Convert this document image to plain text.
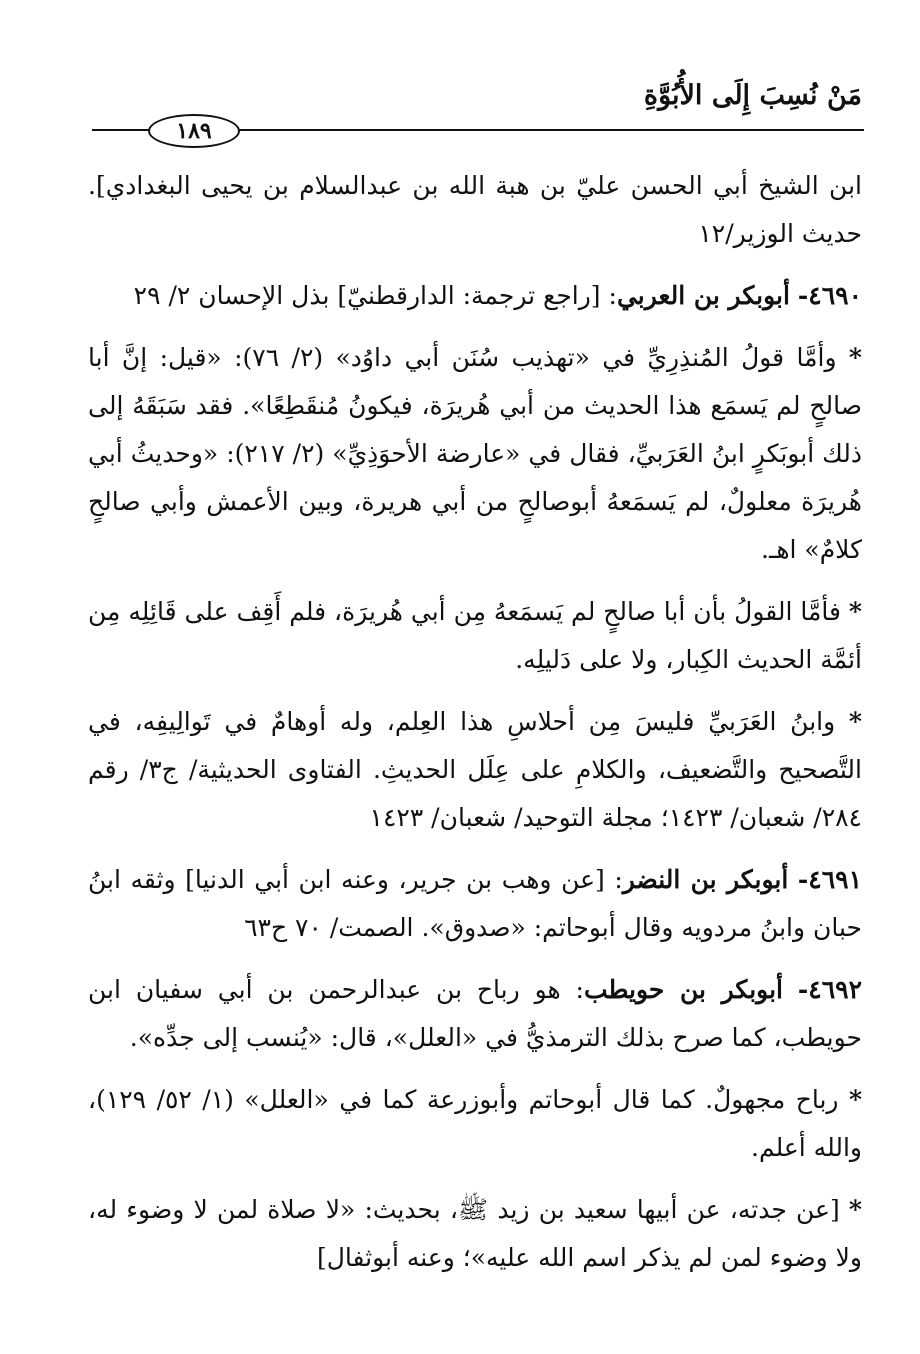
مَنْ نُسِبَ إِلَى الأُبُوَّةِ
١٨٩

ابن الشيخ أبي الحسن عليّ بن هبة الله بن عبدالسلام بن يحيى البغدادي]. حديث الوزير/١٢

٤٦٩٠- أبوبكر بن العربي: [راجع ترجمة: الدارقطنيّ] بذل الإحسان ٢/ ٢٩

* وأمَّا قولُ المُنذِرِيِّ في «تهذيب سُنَن أبي داوُد» (٢/ ٧٦): «قيل: إنَّ أبا صالحٍ لم يَسمَع هذا الحديث من أبي هُريرَة، فيكونُ مُنقَطِعًا». فقد سَبَقَهُ إلى ذلك أبوبَكرٍ ابنُ العَرَبيِّ، فقال في «عارضة الأحوَذِيِّ» (٢/ ٢١٧): «وحديثُ أبي هُريرَة معلولٌ، لم يَسمَعهُ أبوصالحٍ من أبي هريرة، وبين الأعمش وأبي صالحٍ كلامٌ» اهـ.

* فأمَّا القولُ بأن أبا صالحٍ لم يَسمَعهُ مِن أبي هُريرَة، فلم أَقِف على قَائِلِه مِن أئمَّة الحديث الكِبار، ولا على دَليلِه.

* وابنُ العَرَبيِّ فليسَ مِن أحلاسِ هذا العِلم، وله أوهامٌ في تَوالِيفِه، في التَّصحيح والتَّضعيف، والكلامِ على عِلَل الحديثِ. الفتاوى الحديثية/ ج٣/ رقم ٢٨٤/ شعبان/ ١٤٢٣؛ مجلة التوحيد/ شعبان/ ١٤٢٣

٤٦٩١- أبوبكر بن النضر: [عن وهب بن جرير، وعنه ابن أبي الدنيا] وثقه ابنُ حبان وابنُ مردويه وقال أبوحاتم: «صدوق». الصمت/ ٧٠ ح٦٣

٤٦٩٢- أبوبكر بن حويطب: هو رباح بن عبدالرحمن بن أبي سفيان ابن حويطب، كما صرح بذلك الترمذيُّ في «العلل»، قال: «يُنسب إلى جدِّه».

* رباح مجهولٌ. كما قال أبوحاتم وأبوزرعة كما في «العلل» (١/ ٥٢/ ١٢٩)، والله أعلم.

* [عن جدته، عن أبيها سعيد بن زيد ﷺ، بحديث: «لا صلاة لمن لا وضوء له، ولا وضوء لمن لم يذكر اسم الله عليه»؛ وعنه أبوثفال]
